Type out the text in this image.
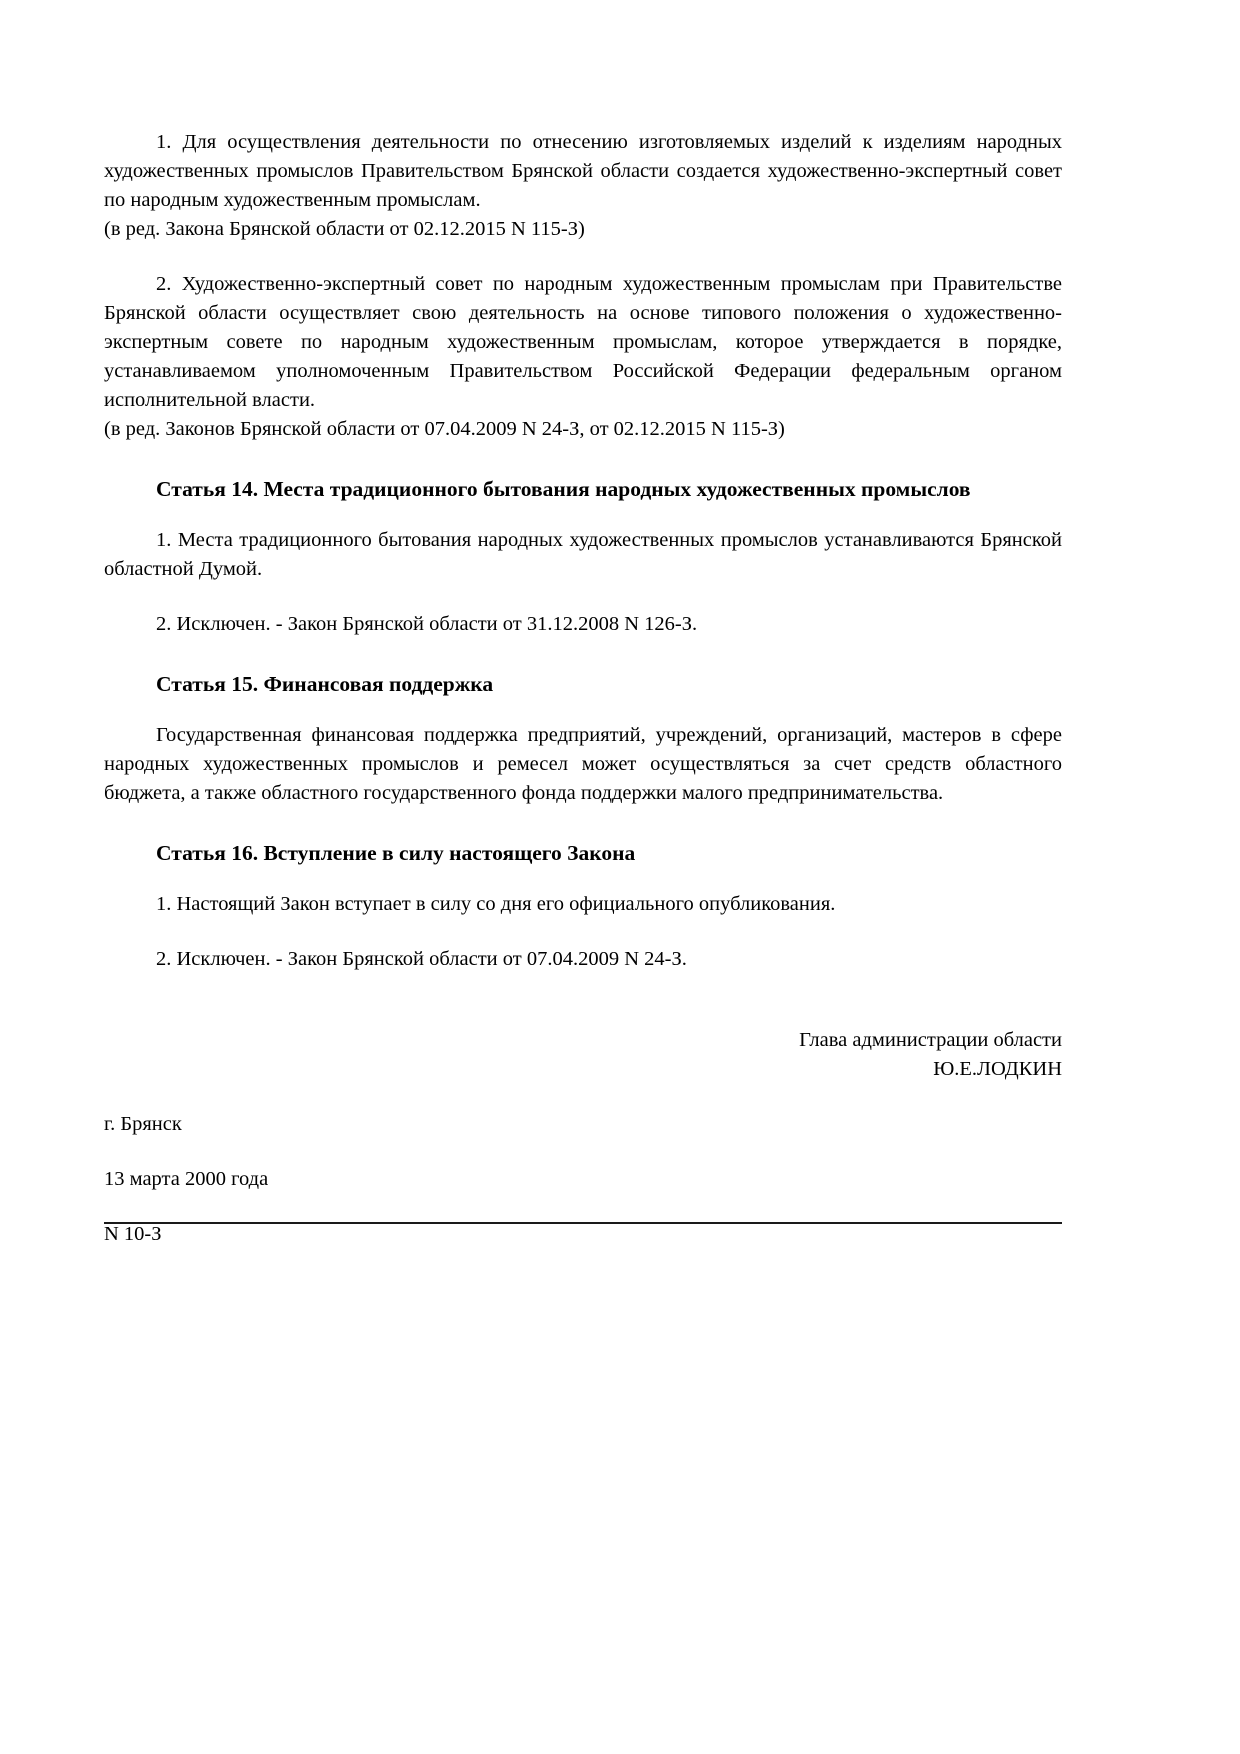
1. Для осуществления деятельности по отнесению изготовляемых изделий к изделиям народных художественных промыслов Правительством Брянской области создается художественно-экспертный совет по народным художественным промыслам.

(в ред. Закона Брянской области от 02.12.2015 N 115-З)

2. Художественно-экспертный совет по народным художественным промыслам при Правительстве Брянской области осуществляет свою деятельность на основе типового положения о художественно-экспертным совете по народным художественным промыслам, которое утверждается в порядке, устанавливаемом уполномоченным Правительством Российской Федерации федеральным органом исполнительной власти.

(в ред. Законов Брянской области от 07.04.2009 N 24-З, от 02.12.2015 N 115-З)

Статья 14. Места традиционного бытования народных художественных промыслов

1. Места традиционного бытования народных художественных промыслов устанавливаются Брянской областной Думой.

2. Исключен. - Закон Брянской области от 31.12.2008 N 126-З.

Статья 15. Финансовая поддержка

Государственная финансовая поддержка предприятий, учреждений, организаций, мастеров в сфере народных художественных промыслов и ремесел может осуществляться за счет средств областного бюджета, а также областного государственного фонда поддержки малого предпринимательства.

Статья 16. Вступление в силу настоящего Закона

1. Настоящий Закон вступает в силу со дня его официального опубликования.

2. Исключен. - Закон Брянской области от 07.04.2009 N 24-З.

Глава администрации области

Ю.Е.ЛОДКИН

г. Брянск

13 марта 2000 года

N 10-З
